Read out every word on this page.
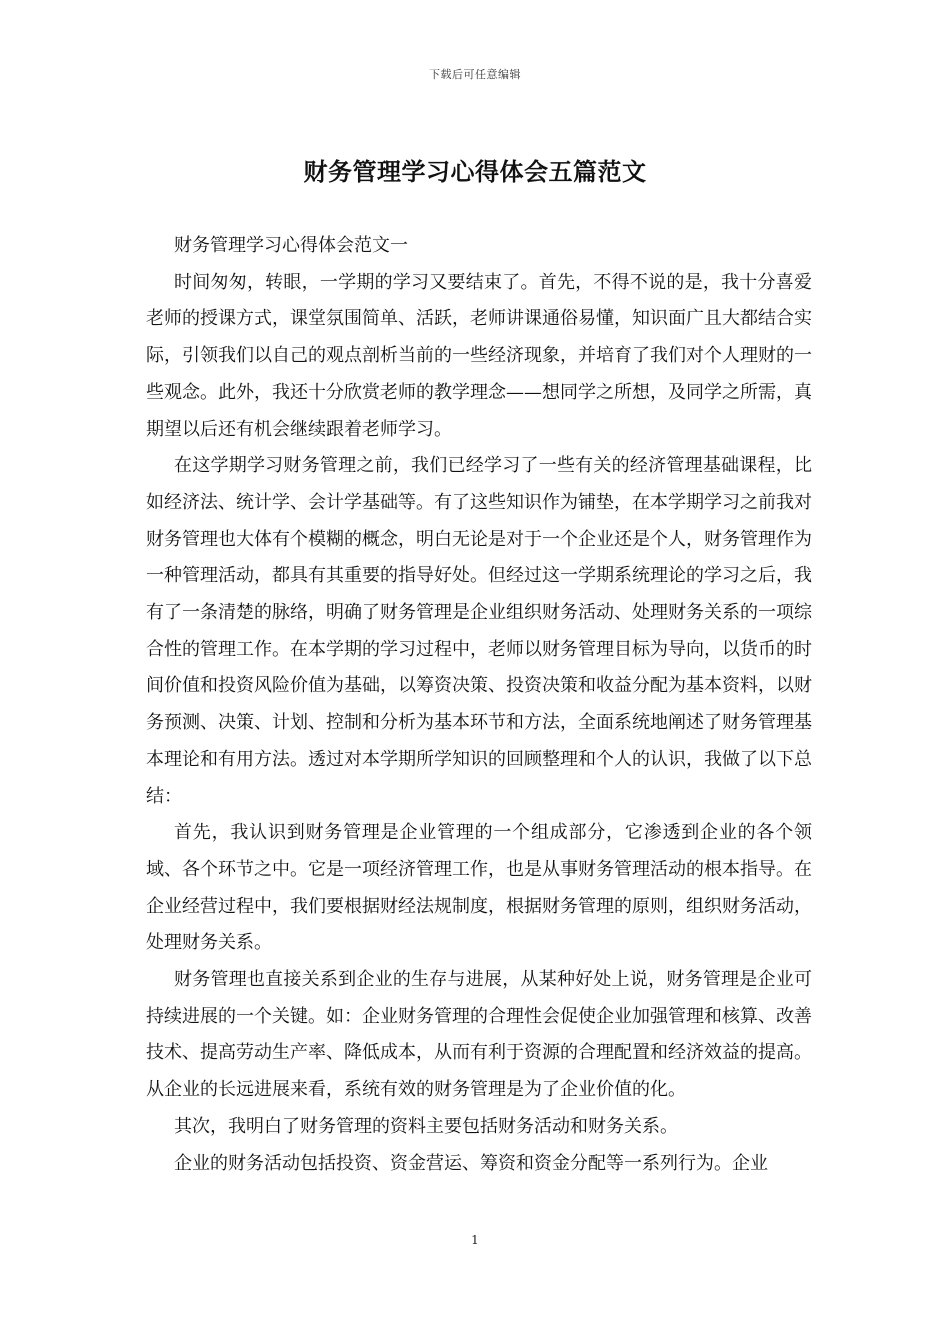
下载后可任意编辑
财务管理学习心得体会五篇范文

财务管理学习心得体会范文一

时间匆匆，转眼，一学期的学习又要结束了。首先，不得不说的是，我十分喜爱老师的授课方式，课堂氛围简单、活跃，老师讲课通俗易懂，知识面广且大都结合实际，引领我们以自己的观点剖析当前的一些经济现象，并培育了我们对个人理财的一些观念。此外，我还十分欣赏老师的教学理念——想同学之所想，及同学之所需，真期望以后还有机会继续跟着老师学习。

在这学期学习财务管理之前，我们已经学习了一些有关的经济管理基础课程，比如经济法、统计学、会计学基础等。有了这些知识作为铺垫，在本学期学习之前我对财务管理也大体有个模糊的概念，明白无论是对于一个企业还是个人，财务管理作为一种管理活动，都具有其重要的指导好处。但经过这一学期系统理论的学习之后，我有了一条清楚的脉络，明确了财务管理是企业组织财务活动、处理财务关系的一项综合性的管理工作。在本学期的学习过程中，老师以财务管理目标为导向，以货币的时间价值和投资风险价值为基础，以筹资决策、投资决策和收益分配为基本资料，以财务预测、决策、计划、控制和分析为基本环节和方法，全面系统地阐述了财务管理基本理论和有用方法。透过对本学期所学知识的回顾整理和个人的认识，我做了以下总结：

首先，我认识到财务管理是企业管理的一个组成部分，它渗透到企业的各个领域、各个环节之中。它是一项经济管理工作，也是从事财务管理活动的根本指导。在企业经营过程中，我们要根据财经法规制度，根据财务管理的原则，组织财务活动，处理财务关系。

财务管理也直接关系到企业的生存与进展，从某种好处上说，财务管理是企业可持续进展的一个关键。如：企业财务管理的合理性会促使企业加强管理和核算、改善技术、提高劳动生产率、降低成本，从而有利于资源的合理配置和经济效益的提高。从企业的长远进展来看，系统有效的财务管理是为了企业价值的化。

其次，我明白了财务管理的资料主要包括财务活动和财务关系。

企业的财务活动包括投资、资金营运、筹资和资金分配等一系列行为。企业

1
